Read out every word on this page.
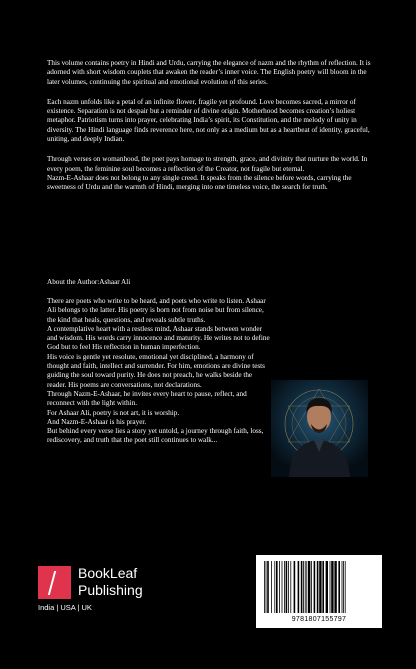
This volume contains poetry in Hindi and Urdu, carrying the elegance of nazm and the rhythm of reflection. It is adorned with short wisdom couplets that awaken the reader’s inner voice. The English poetry will bloom in the later volumes, continuing the spiritual and emotional evolution of this series.

Each nazm unfolds like a petal of an infinite flower, fragile yet profound. Love becomes sacred, a mirror of existence. Separation is not despair but a reminder of divine origin. Motherhood becomes creation’s holiest metaphor. Patriotism turns into prayer, celebrating India’s spirit, its Constitution, and the melody of unity in diversity. The Hindi language finds reverence here, not only as a medium but as a heartbeat of identity, graceful, uniting, and deeply Indian.

Through verses on womanhood, the poet pays homage to strength, grace, and divinity that nurture the world. In every poem, the feminine soul becomes a reflection of the Creator, not fragile but eternal.

Nazm-E-Ashaar does not belong to any single creed. It speaks from the silence before words, carrying the sweetness of Urdu and the warmth of Hindi, merging into one timeless voice, the search for truth.

About the Author:Ashaar Ali

There are poets who write to be heard, and poets who write to listen. Ashaar Ali belongs to the latter. His poetry is born not from noise but from silence, the kind that heals, questions, and reveals subtle truths.

A contemplative heart with a restless mind, Ashaar stands between wonder and wisdom. His words carry innocence and maturity. He writes not to define God but to feel His reflection in human imperfection.

His voice is gentle yet resolute, emotional yet disciplined, a harmony of thought and faith, intellect and surrender. For him, emotions are divine tests guiding the soul toward purity. He does not preach, he walks beside the reader. His poems are conversations, not declarations.

Through Nazm-E-Ashaar, he invites every heart to pause, reflect, and reconnect with the light within.

For Ashaar Ali, poetry is not art, it is worship.

And Nazm-E-Ashaar is his prayer.

But behind every verse lies a story yet untold, a journey through faith, loss, rediscovery, and truth that the poet still continues to walk...

BookLeaf
Publishing
India | USA | UK
9781807155797
